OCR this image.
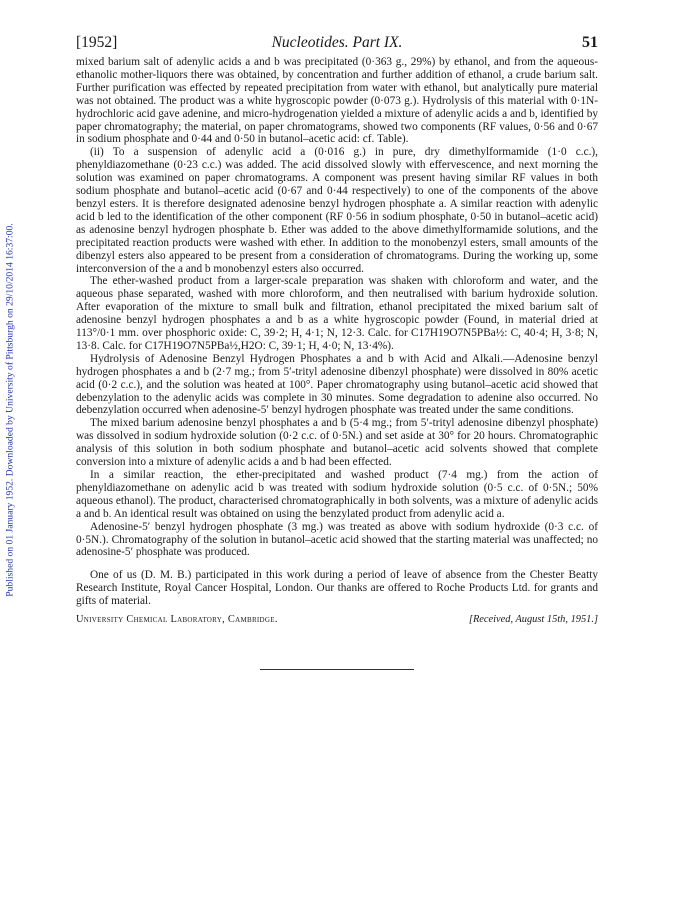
Published on 01 January 1952. Downloaded by University of Pittsburgh on 29/10/2014 16:37:00.
[1952]	Nucleotides. Part IX.	51

mixed barium salt of adenylic acids a and b was precipitated (0·363 g., 29%) by ethanol, and from the aqueous-ethanolic mother-liquors there was obtained, by concentration and further addition of ethanol, a crude barium salt. Further purification was effected by repeated precipitation from water with ethanol, but analytically pure material was not obtained. The product was a white hygroscopic powder (0·073 g.). Hydrolysis of this material with 0·1N-hydrochloric acid gave adenine, and micro-hydrogenation yielded a mixture of adenylic acids a and b, identified by paper chromatography; the material, on paper chromatograms, showed two components (RF values, 0·56 and 0·67 in sodium phosphate and 0·44 and 0·50 in butanol–acetic acid: cf. Table).

(ii) To a suspension of adenylic acid a (0·016 g.) in pure, dry dimethylformamide (1·0 c.c.), phenyldiazomethane (0·23 c.c.) was added. The acid dissolved slowly with effervescence, and next morning the solution was examined on paper chromatograms. A component was present having similar RF values in both sodium phosphate and butanol–acetic acid (0·67 and 0·44 respectively) to one of the components of the above benzyl esters. It is therefore designated adenosine benzyl hydrogen phosphate a. A similar reaction with adenylic acid b led to the identification of the other component (RF 0·56 in sodium phosphate, 0·50 in butanol–acetic acid) as adenosine benzyl hydrogen phosphate b. Ether was added to the above dimethylformamide solutions, and the precipitated reaction products were washed with ether. In addition to the monobenzyl esters, small amounts of the dibenzyl esters also appeared to be present from a consideration of chromatograms. During the working up, some interconversion of the a and b monobenzyl esters also occurred.

The ether-washed product from a larger-scale preparation was shaken with chloroform and water, and the aqueous phase separated, washed with more chloroform, and then neutralised with barium hydroxide solution. After evaporation of the mixture to small bulk and filtration, ethanol precipitated the mixed barium salt of adenosine benzyl hydrogen phosphates a and b as a white hygroscopic powder (Found, in material dried at 113°/0·1 mm. over phosphoric oxide: C, 39·2; H, 4·1; N, 12·3. Calc. for C17H19O7N5PBa½: C, 40·4; H, 3·8; N, 13·8. Calc. for C17H19O7N5PBa½,H2O: C, 39·1; H, 4·0; N, 13·4%).

Hydrolysis of Adenosine Benzyl Hydrogen Phosphates a and b with Acid and Alkali.—Adenosine benzyl hydrogen phosphates a and b (2·7 mg.; from 5′-trityl adenosine dibenzyl phosphate) were dissolved in 80% acetic acid (0·2 c.c.), and the solution was heated at 100°. Paper chromatography using butanol–acetic acid showed that debenzylation to the adenylic acids was complete in 30 minutes. Some degradation to adenine also occurred. No debenzylation occurred when adenosine-5′ benzyl hydrogen phosphate was treated under the same conditions.

The mixed barium adenosine benzyl phosphates a and b (5·4 mg.; from 5′-trityl adenosine dibenzyl phosphate) was dissolved in sodium hydroxide solution (0·2 c.c. of 0·5N.) and set aside at 30° for 20 hours. Chromatographic analysis of this solution in both sodium phosphate and butanol–acetic acid solvents showed that complete conversion into a mixture of adenylic acids a and b had been effected.

In a similar reaction, the ether-precipitated and washed product (7·4 mg.) from the action of phenyldiazomethane on adenylic acid b was treated with sodium hydroxide solution (0·5 c.c. of 0·5N.; 50% aqueous ethanol). The product, characterised chromatographically in both solvents, was a mixture of adenylic acids a and b. An identical result was obtained on using the benzylated product from adenylic acid a.

Adenosine-5′ benzyl hydrogen phosphate (3 mg.) was treated as above with sodium hydroxide (0·3 c.c. of 0·5N.). Chromatography of the solution in butanol–acetic acid showed that the starting material was unaffected; no adenosine-5′ phosphate was produced.

One of us (D. M. B.) participated in this work during a period of leave of absence from the Chester Beatty Research Institute, Royal Cancer Hospital, London. Our thanks are offered to Roche Products Ltd. for grants and gifts of material.

University Chemical Laboratory, Cambridge.	[Received, August 15th, 1951.]
